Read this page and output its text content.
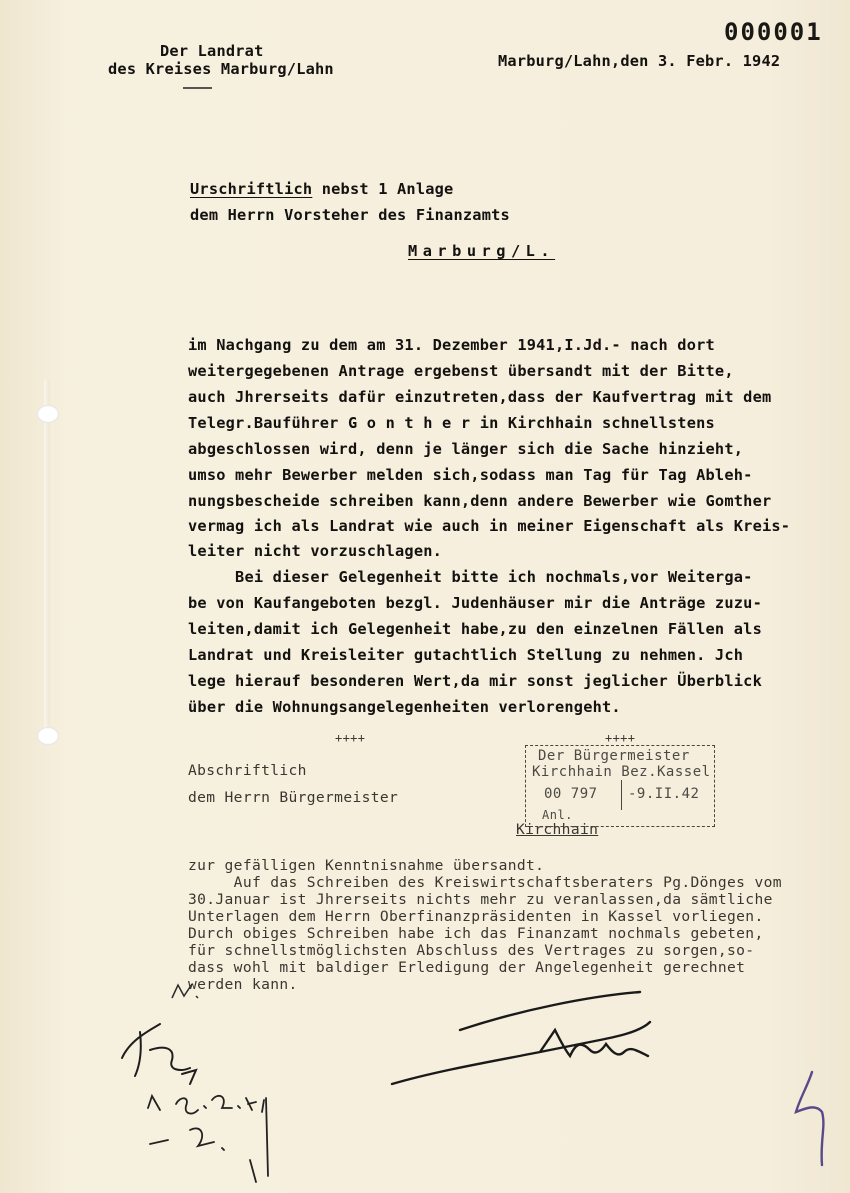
000001
Der Landrat
des Kreises Marburg/Lahn	Marburg/Lahn,den 3. Febr. 1942
Urschriftlich nebst 1 Anlage
dem Herrn Vorsteher des Finanzamts
Marburg/L.
im Nachgang zu dem am 31. Dezember 1941,I.Jd.- nach dort
weitergegebenen Antrage ergebenst übersandt mit der Bitte,
auch Jhrerseits dafür einzutreten,dass der Kaufvertrag mit dem
Telegr.Bauführer G o n t h e r in Kirchhain schnellstens
abgeschlossen wird, denn je länger sich die Sache hinzieht,
umso mehr Bewerber melden sich,sodass man Tag für Tag Ableh-
nungsbescheide schreiben kann,denn andere Bewerber wie Gomther
vermag ich als Landrat wie auch in meiner Eigenschaft als Kreis-
leiter nicht vorzuschlagen.
Bei dieser Gelegenheit bitte ich nochmals,vor Weiterga-
be von Kaufangeboten bezgl. Judenhäuser mir die Anträge zuzu-
leiten,damit ich Gelegenheit habe,zu den einzelnen Fällen als
Landrat und Kreisleiter gutachtlich Stellung zu nehmen. Jch
lege hierauf besonderen Wert,da mir sonst jeglicher Überblick
über die Wohnungsangelegenheiten verlorengeht.
++++	++++
Abschriftlich
dem Herrn Bürgermeister
Kirchhain
Der Bürgermeister
Kirchhain Bez.Kassel
00 797 -9.II.42
Anl.
zur gefälligen Kenntnisnahme übersandt.
Auf das Schreiben des Kreiswirtschaftsberaters Pg.Dönges vom
30.Januar ist Jhrerseits nichts mehr zu veranlassen,da sämtliche
Unterlagen dem Herrn Oberfinanzpräsidenten in Kassel vorliegen.
Durch obiges Schreiben habe ich das Finanzamt nochmals gebeten,
für schnellstmöglichsten Abschluss des Vertrages zu sorgen,so-
dass wohl mit baldiger Erledigung der Angelegenheit gerechnet
werden kann.
